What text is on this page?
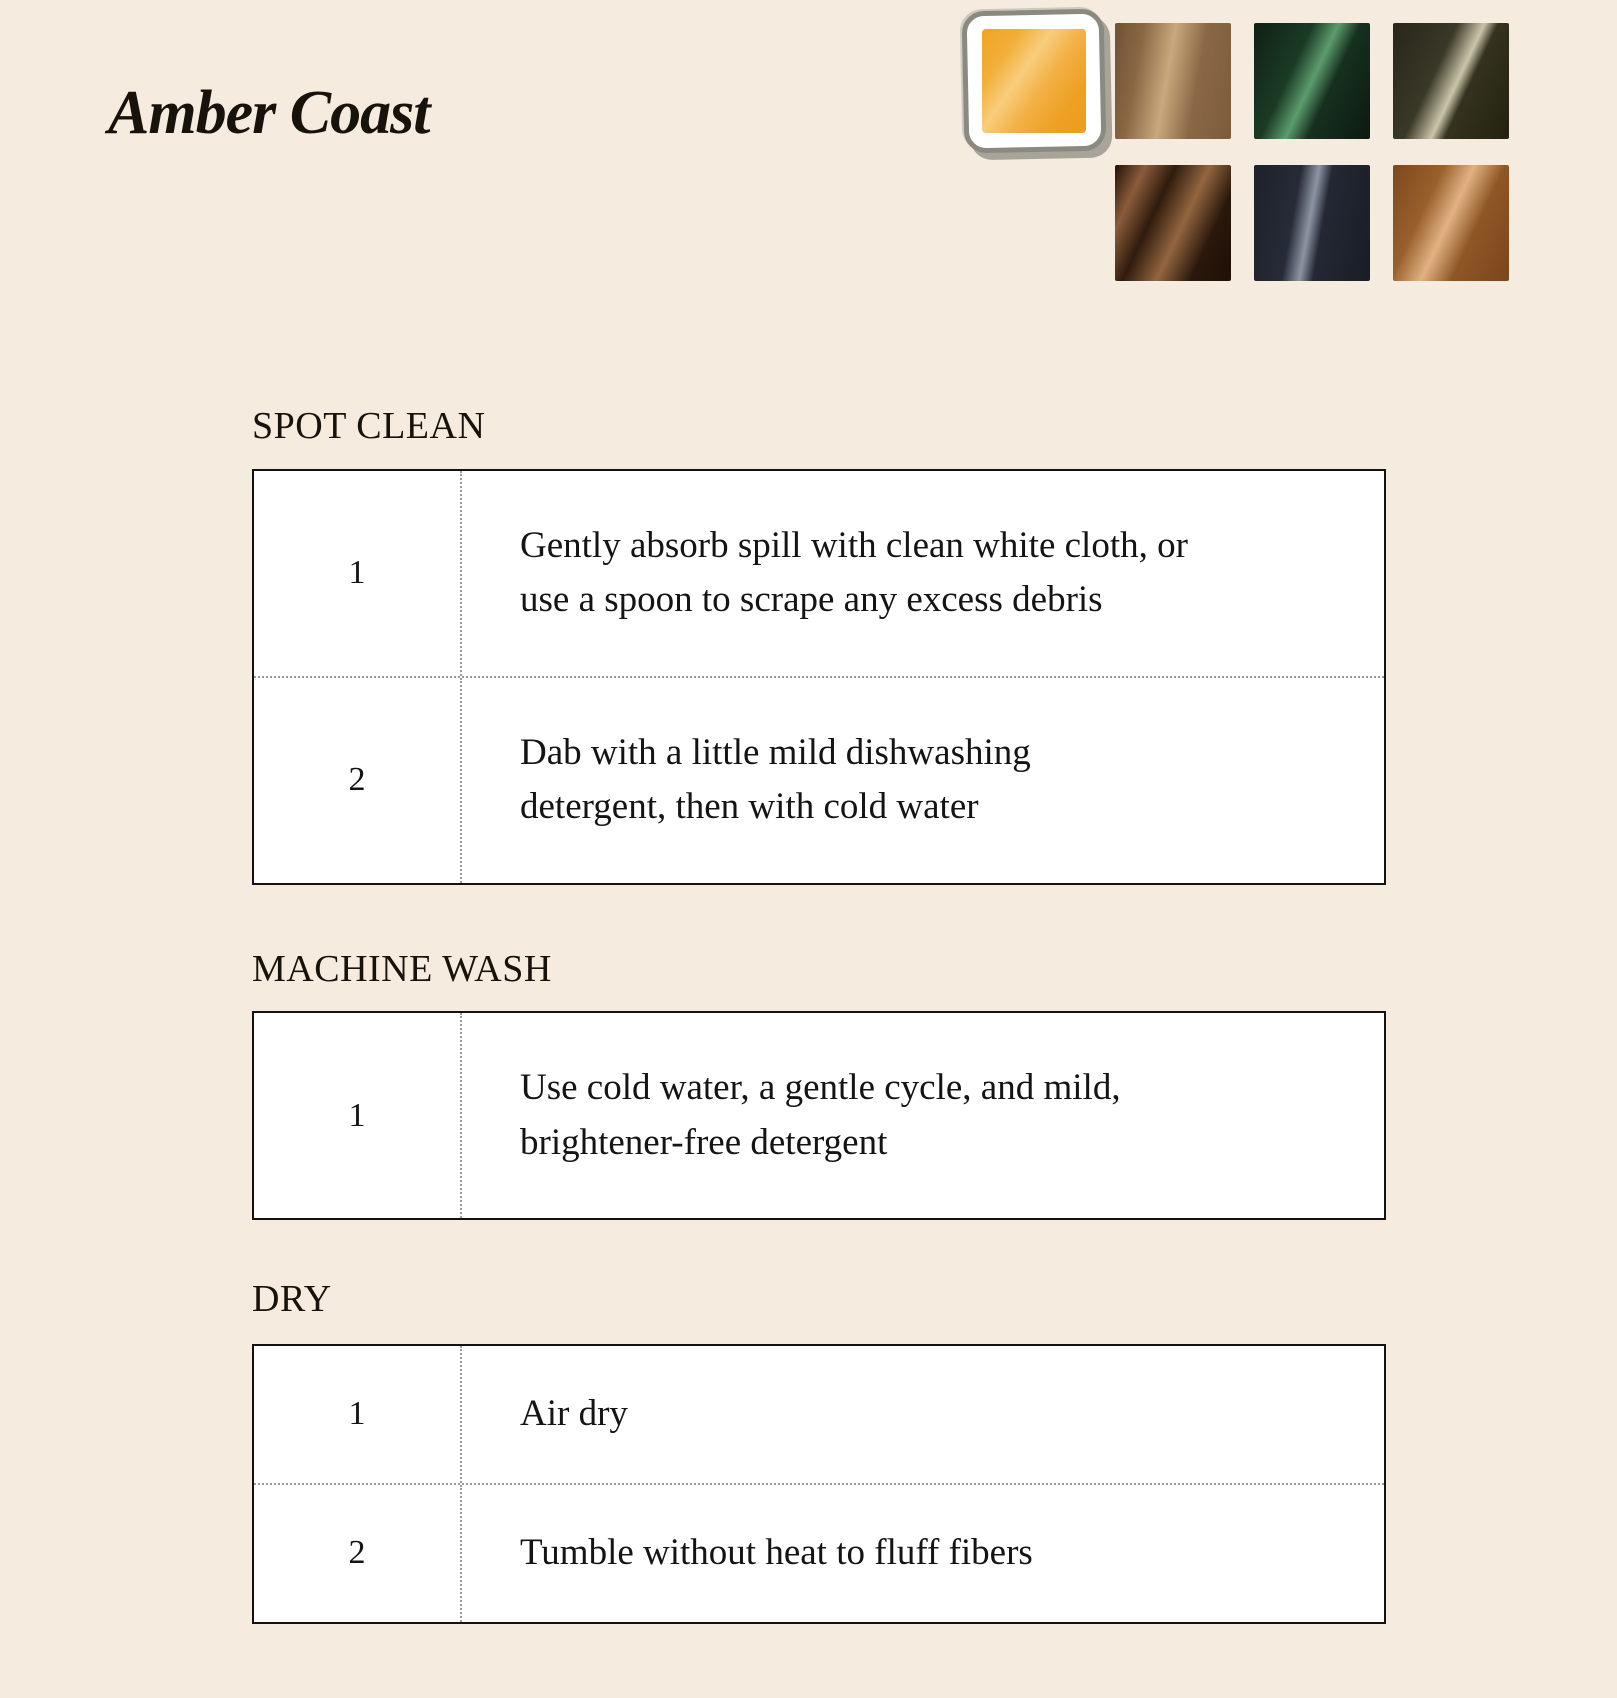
Amber Coast
SPOT CLEAN
1
Gently absorb spill with clean white cloth, or
use a spoon to scrape any excess debris
2
Dab with a little mild dishwashing
detergent, then with cold water
MACHINE WASH
1
Use cold water, a gentle cycle, and mild,
brightener-free detergent
DRY
1	Air dry
2	Tumble without heat to fluff fibers
